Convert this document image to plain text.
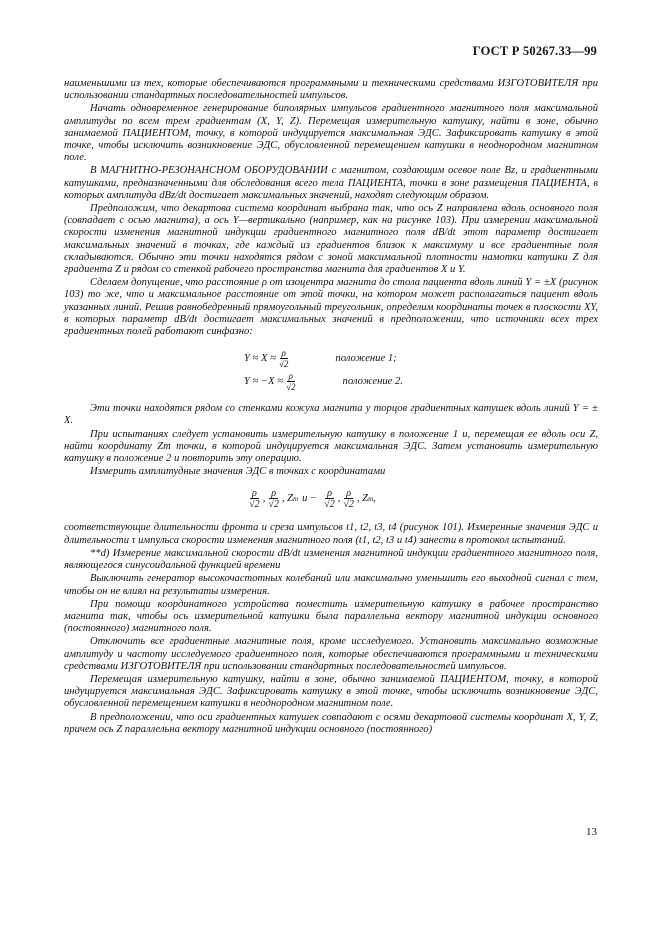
ГОСТ Р 50267.33—99

наименьшими из тех, которые обеспечиваются программными и техническими средствами ИЗГОТОВИТЕЛЯ при использовании стандартных последовательностей импульсов.

Начать одновременное генерирование биполярных импульсов градиентного магнитного поля максимальной амплитуды по всем трем градиентам (X, Y, Z). Перемещая измерительную катушку, найти в зоне, обычно занимаемой ПАЦИЕНТОМ, точку, в которой индуцируется максимальная ЭДС. Зафиксировать катушку в этой точке, чтобы исключить возникновение ЭДС, обусловленной перемещением катушки в неоднородном магнитном поле.

В МАГНИТНО-РЕЗОНАНСНОМ ОБОРУДОВАНИИ с магнитом, создающим осевое поле Bz, и градиентными катушками, предназначенными для обследования всего тела ПАЦИЕНТА, точки в зоне размещения ПАЦИЕНТА, в которых амплитуда dBz/dt достигает максимальных значений, находят следующим образом.

Предположим, что декартова система координат выбрана так, что ось Z направлена вдоль основного поля (совпадает с осью магнита), а ось Y—вертикально (например, как на рисунке 103). При измерении максимальной скорости изменения магнитной индукции градиентного магнитного поля dB/dt этот параметр достигает максимальных значений в точках, где каждый из градиентов близок к максимуму и все градиентные поля складываются. Обычно эти точки находятся рядом с зоной максимальной плотности намотки катушки Z для градиента Z и рядом со стенкой рабочего пространства магнита для градиентов X и Y.

Сделаем допущение, что расстояние ρ от изоцентра магнита до стола пациента вдоль линий Y = ±X (рисунок 103) то же, что и максимальное расстояние от этой точки, на котором может располагаться пациент вдоль указанных линий. Решив равнобедренный прямоугольный треугольник, определим координаты точек в плоскости XY, в которых параметр dB/dt достигает максимальных значений в предположении, что источники всех трех градиентных полей работают синфазно:

$Y \approx X \approx \frac{\rho}{√2}$	положение 1;
$Y \approx -X \approx \frac{\rho}{√2}$	положение 2.

Эти точки находятся рядом со стенками кожуха магнита у торцов градиентных катушек вдоль линий Y = ± X.

При испытаниях следует установить измерительную катушку в положение 1 и, перемещая ее вдоль оси Z, найти координату Zm точки, в которой индуцируется максимальная ЭДС. Затем установить измерительную катушку в положение 2 и повторить эту операцию.

Измерить амплитудные значения ЭДС в точках с координатами

$\frac{\rho}{√2}$ , $\frac{\rho}{√2}$ , Z m $и - \frac{\rho}{√2}$ , $\frac{\rho}{√2}$ , Z m ,

соответствующие длительности фронта и среза импульсов t1, t2, t3, t4 (рисунок 101). Измеренные значения ЭДС и длительности τ импульса скорости изменения магнитного поля (t1, t2, t3 и t4) занести в протокол испытаний.

**d) Измерение максимальной скорости dB/dt изменения магнитной индукции градиентного магнитного поля, являющегося синусоидальной функцией времени

Выключить генератор высокочастотных колебаний или максимально уменьшить его выходной сигнал с тем, чтобы он не влиял на результаты измерения.

При помощи координатного устройства поместить измерительную катушку в рабочее пространство магнита так, чтобы ось измерительной катушки была параллельна вектору магнитной индукции основного (постоянного) магнитного поля.

Отключить все градиентные магнитные поля, кроме исследуемого. Установить максимально возможные амплитуду и частоту исследуемого градиентного поля, которые обеспечиваются программными и техническими средствами ИЗГОТОВИТЕЛЯ при использовании стандартных последовательностей импульсов.

Перемещая измерительную катушку, найти в зоне, обычно занимаемой ПАЦИЕНТОМ, точку, в которой индуцируется максимальная ЭДС. Зафиксировать катушку в этой точке, чтобы исключить возникновение ЭДС, обусловленной перемещением катушки в неоднородном магнитном поле.

В предположении, что оси градиентных катушек совпадают с осями декартовой системы координат X, Y, Z, причем ось Z параллельна вектору магнитной индукции основного (постоянного)

13
